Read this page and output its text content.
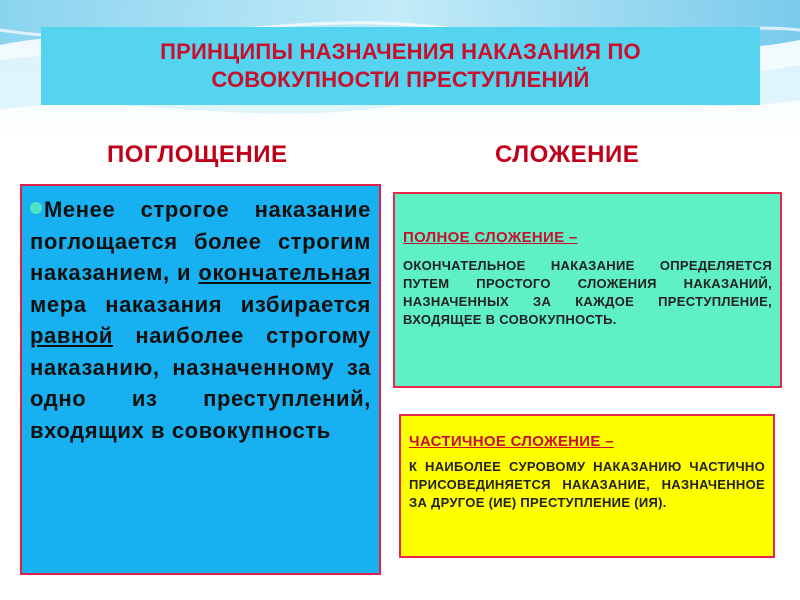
ПРИНЦИПЫ НАЗНАЧЕНИЯ НАКАЗАНИЯ ПО
СОВОКУПНОСТИ ПРЕСТУПЛЕНИЙ
ПОГЛОЩЕНИЕ	СЛОЖЕНИЕ
Менее строгое наказание поглощается более строгим наказанием, и окончательная мера наказания избирается равной наиболее строгому наказанию, назначенному за одно из преступлений, входящих в совокупность
ПОЛНОЕ СЛОЖЕНИЕ –
ОКОНЧАТЕЛЬНОЕ НАКАЗАНИЕ ОПРЕДЕЛЯЕТСЯ ПУТЕМ ПРОСТОГО СЛОЖЕНИЯ НАКАЗАНИЙ, НАЗНАЧЕННЫХ ЗА КАЖДОЕ ПРЕСТУПЛЕНИЕ, ВХОДЯЩЕЕ В СОВОКУПНОСТЬ.
ЧАСТИЧНОЕ СЛОЖЕНИЕ –
К НАИБОЛЕЕ СУРОВОМУ НАКАЗАНИЮ ЧАСТИЧНО ПРИСОВЕДИНЯЕТСЯ НАКАЗАНИЕ, НАЗНАЧЕННОЕ ЗА ДРУГОЕ (ИЕ) ПРЕСТУПЛЕНИЕ (ИЯ).
